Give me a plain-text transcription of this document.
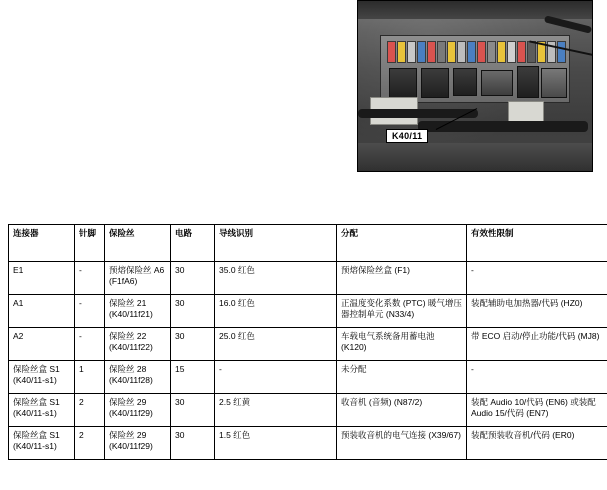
K40/11
连接器	针脚	保险丝	电路	导线识别	分配	有效性限制
E1	-	预熔保险丝 A6 (F1fA6)	30	35.0 红色	预熔保险丝盒 (F1)	-
A1	-	保险丝 21 (K40/11f21)	30	16.0 红色	正温度变化系数 (PTC) 暖气增压器控制单元 (N33/4)	装配辅助电加热器/代码 (HZ0)
A2	-	保险丝 22 (K40/11f22)	30	25.0 红色	车载电气系统备用蓄电池 (K120)	带 ECO 启动/停止功能/代码 (MJ8)
保险丝盒 S1 (K40/11-s1)	1	保险丝 28 (K40/11f28)	15	-	未分配	-
保险丝盒 S1 (K40/11-s1)	2	保险丝 29 (K40/11f29)	30	2.5 红黄	收音机 (音频) (N87/2)	装配 Audio 10/代码 (EN6) 或装配 Audio 15/代码 (EN7)
保险丝盒 S1 (K40/11-s1)	2	保险丝 29 (K40/11f29)	30	1.5 红色	预装收音机的电气连接 (X39/67)	装配预装收音机/代码 (ER0)
